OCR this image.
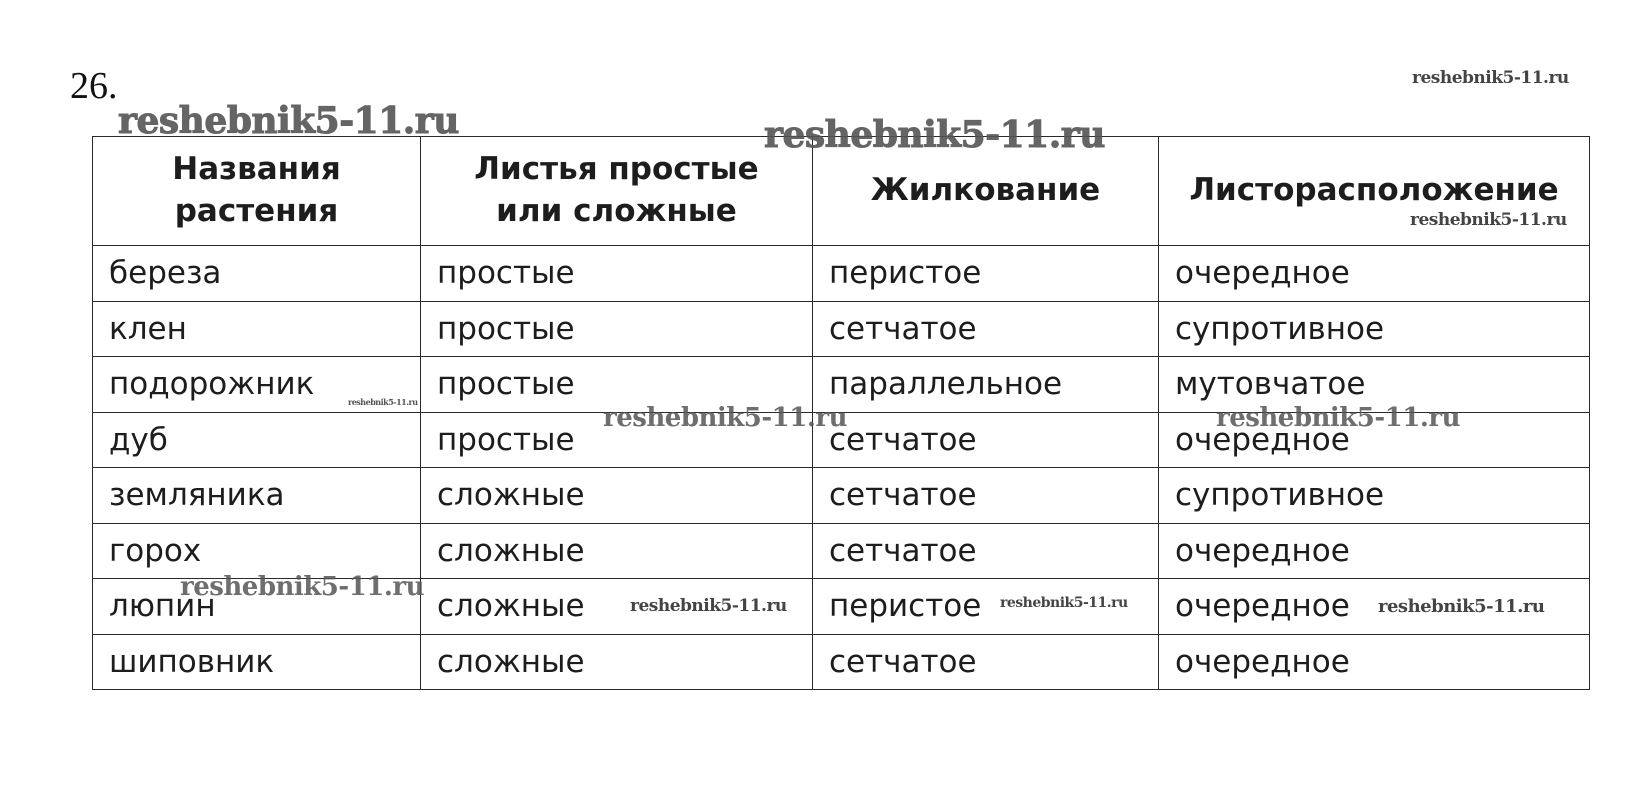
26.
Названия растения	Листья простые или сложные	Жилкование	Листорасположение
береза	простые	перистое	очередное
клен	простые	сетчатое	супротивное
подорожник	простые	параллельное	мутовчатое
дуб	простые	сетчатое	очередное
земляника	сложные	сетчатое	супротивное
горох	сложные	сетчатое	очередное
люпин	сложные	перистое	очередное
шиповник	сложные	сетчатое	очередное
reshebnik5-11.ru
reshebnik5-11.ru	reshebnik5-11.ru
reshebnik5-11.ru
reshebnik5-11.ru
reshebnik5-11.ru	reshebnik5-11.ru
reshebnik5-11.ru
reshebnik5-11.ru	reshebnik5-11.ru	reshebnik5-11.ru
